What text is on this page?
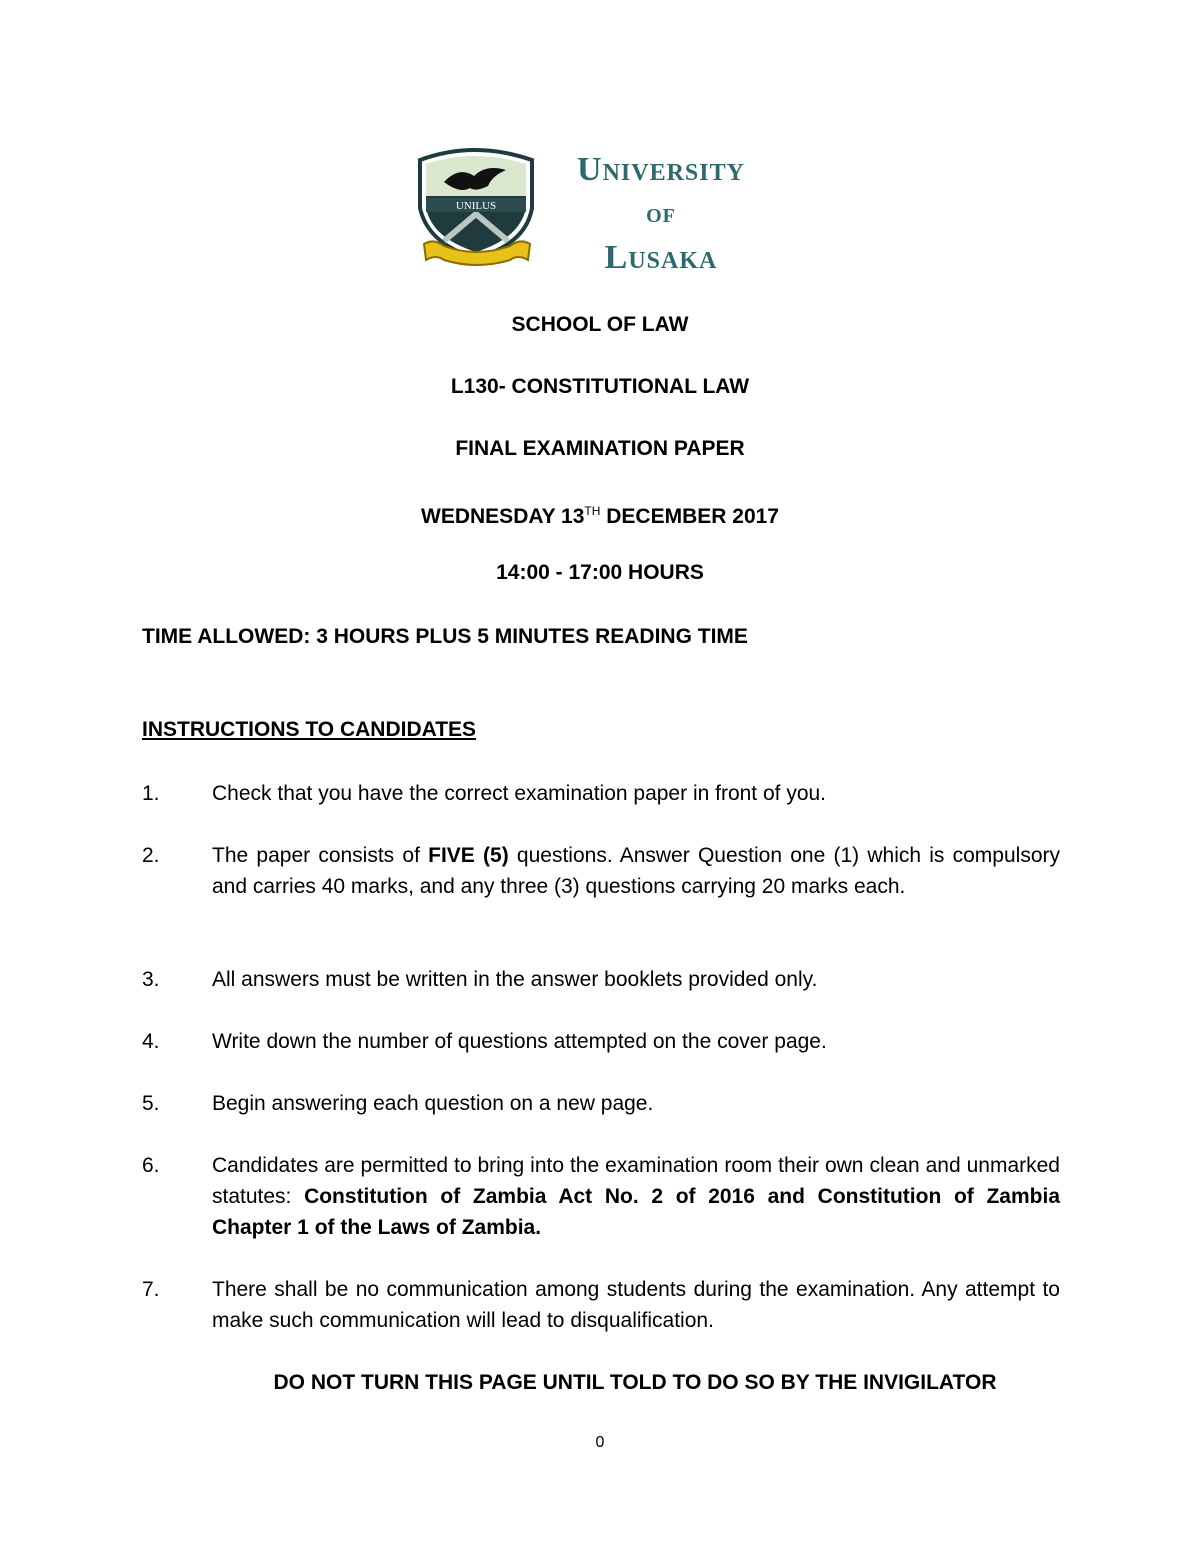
UNILUS
University
of
Lusaka
SCHOOL OF LAW
L130- CONSTITUTIONAL LAW
FINAL EXAMINATION PAPER
WEDNESDAY 13TH DECEMBER 2017
14:00 - 17:00 HOURS
TIME ALLOWED: 3 HOURS PLUS 5 MINUTES READING TIME
INSTRUCTIONS TO CANDIDATES
1. Check that you have the correct examination paper in front of you.
2. The paper consists of FIVE (5) questions. Answer Question one (1) which is compulsory and carries 40 marks, and any three (3) questions carrying 20 marks each.
3. All answers must be written in the answer booklets provided only.
4. Write down the number of questions attempted on the cover page.
5. Begin answering each question on a new page.
6. Candidates are permitted to bring into the examination room their own clean and unmarked statutes: Constitution of Zambia Act No. 2 of 2016 and Constitution of Zambia Chapter 1 of the Laws of Zambia.
7. There shall be no communication among students during the examination. Any attempt to make such communication will lead to disqualification.
DO NOT TURN THIS PAGE UNTIL TOLD TO DO SO BY THE INVIGILATOR
0
